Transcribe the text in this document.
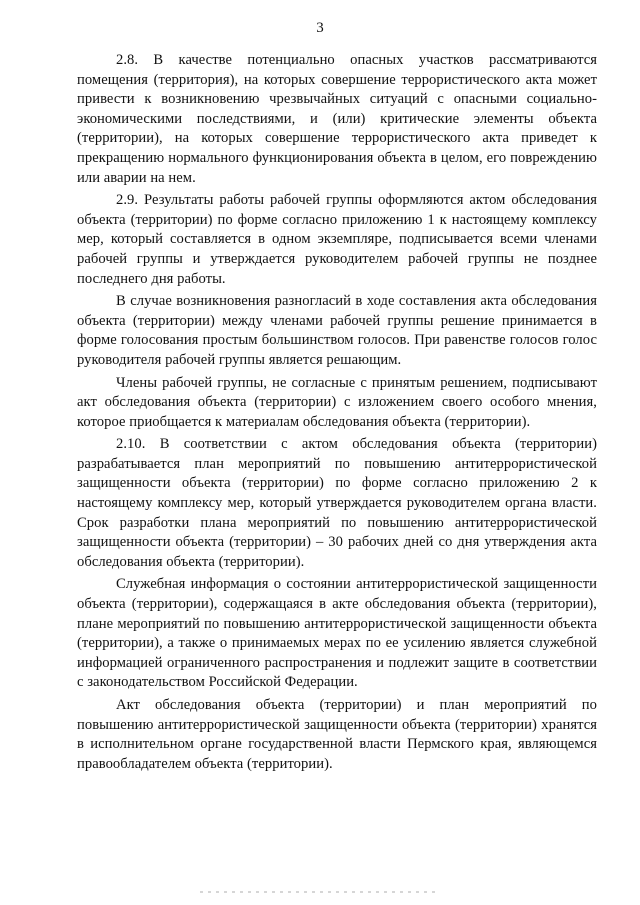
3

2.8. В качестве потенциально опасных участков рассматриваются помещения (территория), на которых совершение террористического акта может привести к возникновению чрезвычайных ситуаций с опасными социально-экономическими последствиями, и (или) критические элементы объекта (территории), на которых совершение террористического акта приведет к прекращению нормального функционирования объекта в целом, его повреждению или аварии на нем.

2.9. Результаты работы рабочей группы оформляются актом обследования объекта (территории) по форме согласно приложению 1 к настоящему комплексу мер, который составляется в одном экземпляре, подписывается всеми членами рабочей группы и утверждается руководителем рабочей группы не позднее последнего дня работы.

В случае возникновения разногласий в ходе составления акта обследования объекта (территории) между членами рабочей группы решение принимается в форме голосования простым большинством голосов. При равенстве голосов голос руководителя рабочей группы является решающим.

Члены рабочей группы, не согласные с принятым решением, подписывают акт обследования объекта (территории) с изложением своего особого мнения, которое приобщается к материалам обследования объекта (территории).

2.10. В соответствии с актом обследования объекта (территории) разрабатывается план мероприятий по повышению антитеррористической защищенности объекта (территории) по форме согласно приложению 2 к настоящему комплексу мер, который утверждается руководителем органа власти. Срок разработки плана мероприятий по повышению антитеррористической защищенности объекта (территории) – 30 рабочих дней со дня утверждения акта обследования объекта (территории).

Служебная информация о состоянии антитеррористической защищенности объекта (территории), содержащаяся в акте обследования объекта (территории), плане мероприятий по повышению антитеррористической защищенности объекта (территории), а также о принимаемых мерах по ее усилению является служебной информацией ограниченного распространения и подлежит защите в соответствии с законодательством Российской Федерации.

Акт обследования объекта (территории) и план мероприятий по повышению антитеррористической защищенности объекта (территории) хранятся в исполнительном органе государственной власти Пермского края, являющемся правообладателем объекта (территории).
